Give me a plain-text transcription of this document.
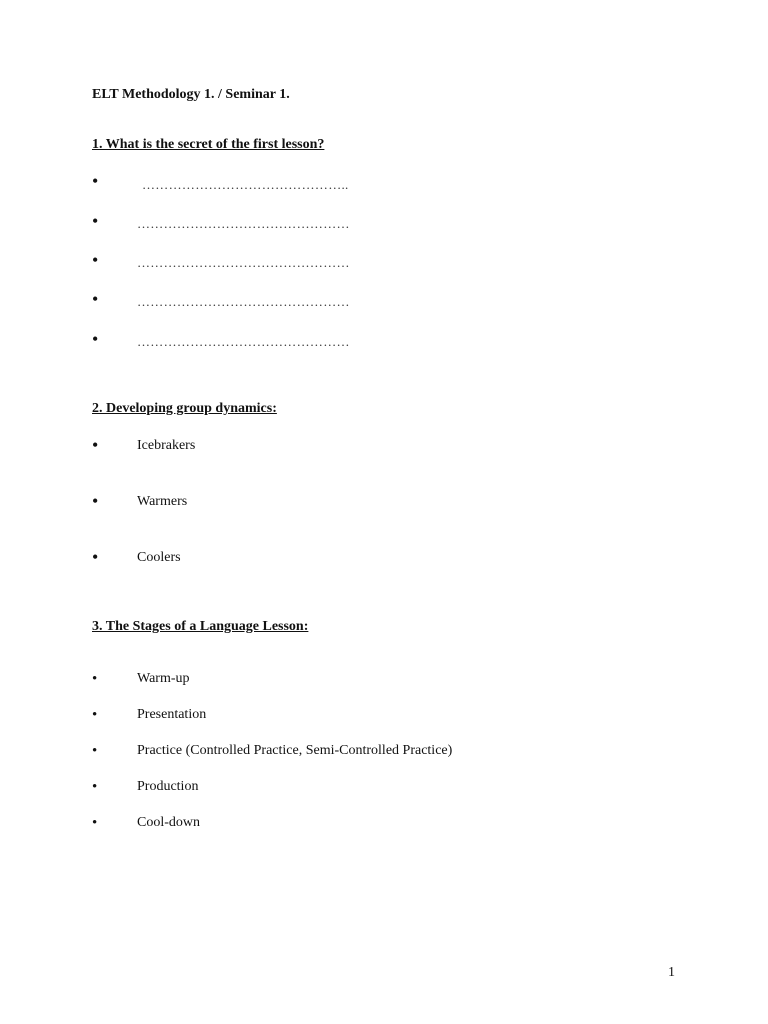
ELT Methodology 1. / Seminar 1.
1. What is the secret of the first lesson?
•	………………………………………..
•	…………………………………………
•	…………………………………………
•	…………………………………………
•	…………………………………………
2. Developing group dynamics:
•	Icebrakers
•	Warmers
•	Coolers
3. The Stages of a Language Lesson:
•	Warm-up
•	Presentation
•	Practice (Controlled Practice, Semi-Controlled Practice)
•	Production
•	Cool-down
1
